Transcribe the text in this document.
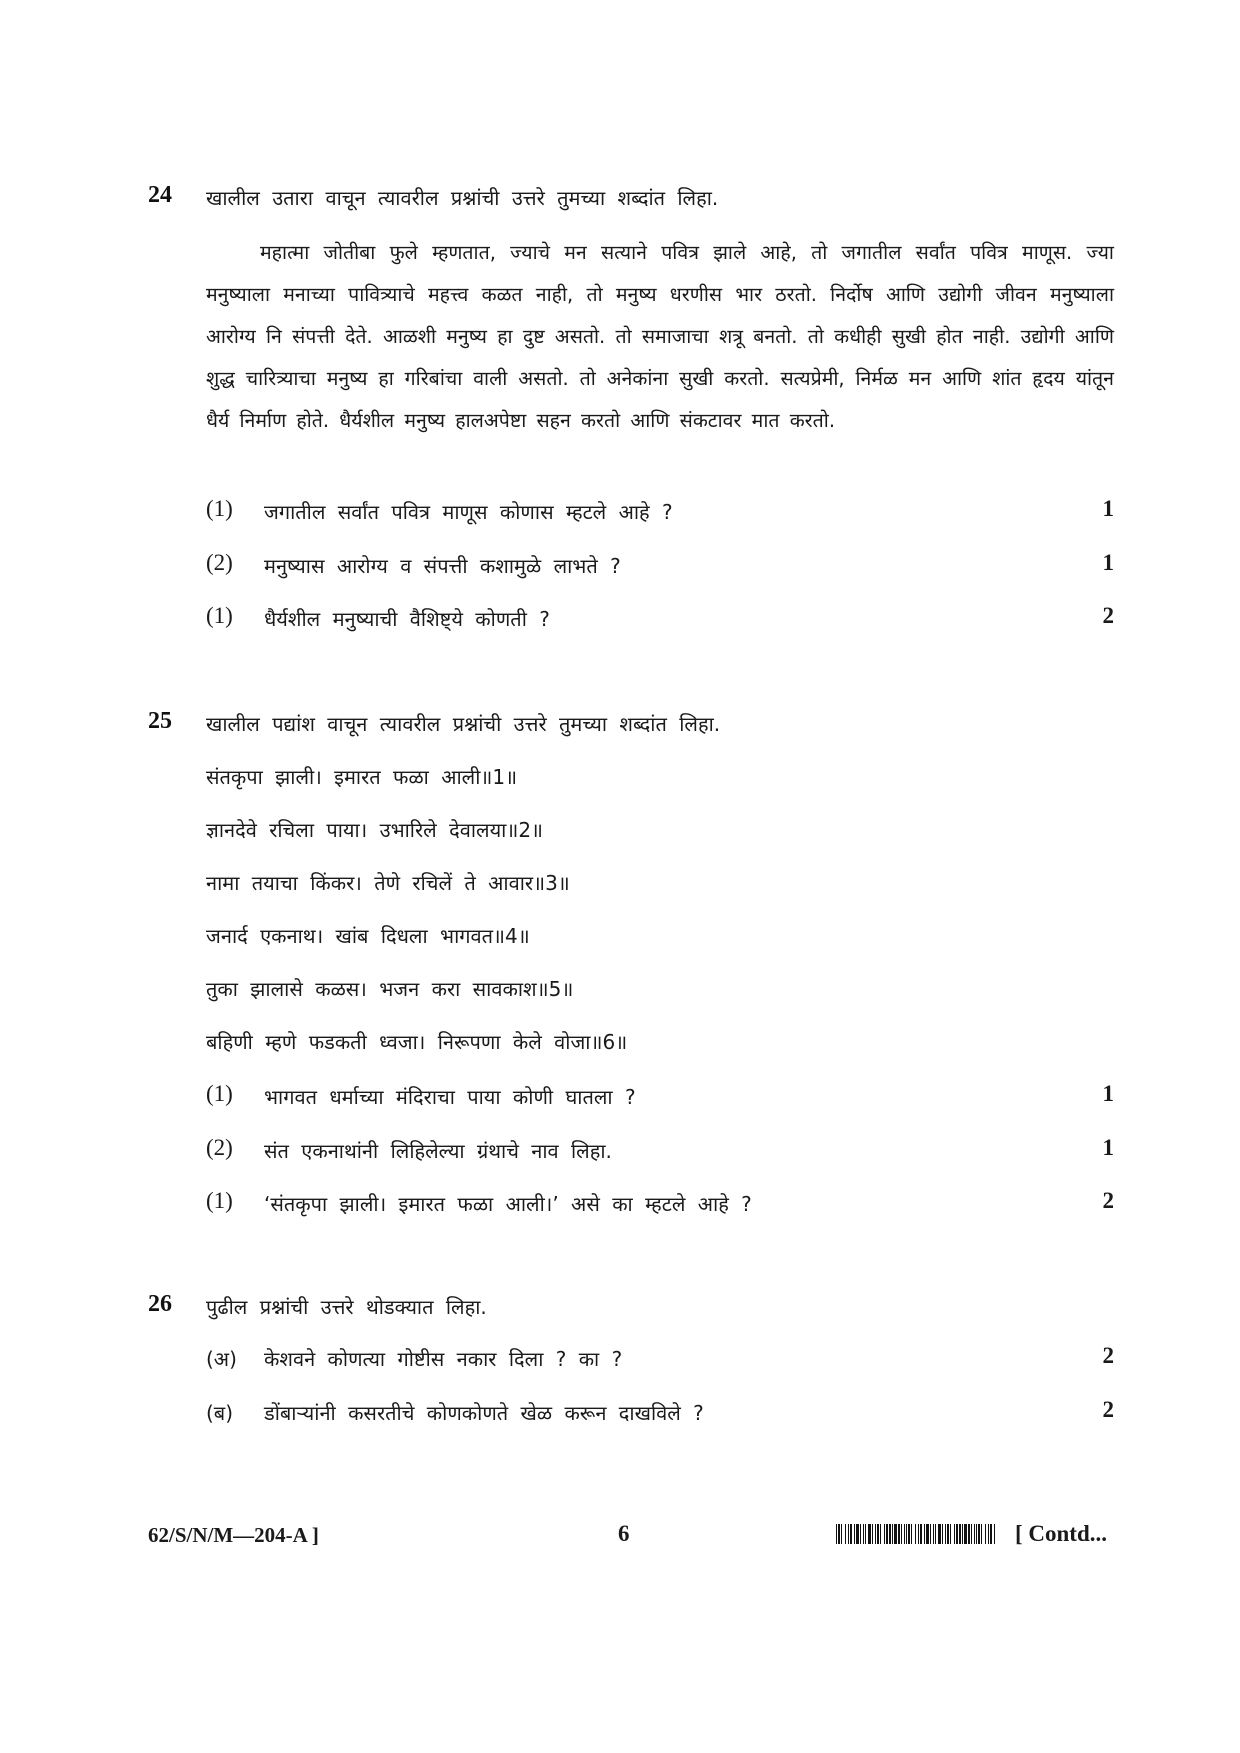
24 खालील उतारा वाचून त्यावरील प्रश्नांची उत्तरे तुमच्या शब्दांत लिहा.
महात्मा जोतीबा फुले म्हणतात, ज्याचे मन सत्याने पवित्र झाले आहे, तो जगातील सर्वांत पवित्र माणूस. ज्या मनुष्याला मनाच्या पावित्र्याचे महत्त्व कळत नाही, तो मनुष्य धरणीस भार ठरतो. निर्दोष आणि उद्योगी जीवन मनुष्याला आरोग्य नि संपत्ती देते. आळशी मनुष्य हा दुष्ट असतो. तो समाजाचा शत्रू बनतो. तो कधीही सुखी होत नाही. उद्योगी आणि शुद्ध चारित्र्याचा मनुष्य हा गरिबांचा वाली असतो. तो अनेकांना सुखी करतो. सत्यप्रेमी, निर्मळ मन आणि शांत हृदय यांतून धैर्य निर्माण होते. धैर्यशील मनुष्य हालअपेष्टा सहन करतो आणि संकटावर मात करतो.
(1) जगातील सर्वांत पवित्र माणूस कोणास म्हटले आहे ?	1
(2) मनुष्यास आरोग्य व संपत्ती कशामुळे लाभते ?	1
(1) धैर्यशील मनुष्याची वैशिष्ट्ये कोणती ?	2
25 खालील पद्यांश वाचून त्यावरील प्रश्नांची उत्तरे तुमच्या शब्दांत लिहा.
संतकृपा झाली। इमारत फळा आली॥1॥
ज्ञानदेवे रचिला पाया। उभारिले देवालया॥2॥
नामा तयाचा किंकर। तेणे रचिलें ते आवार॥3॥
जनार्द एकनाथ। खांब दिधला भागवत॥4॥
तुका झालासे कळस। भजन करा सावकाश॥5॥
बहिणी म्हणे फडकती ध्वजा। निरूपणा केले वोजा॥6॥
(1) भागवत धर्माच्या मंदिराचा पाया कोणी घातला ?	1
(2) संत एकनाथांनी लिहिलेल्या ग्रंथाचे नाव लिहा.	1
(1) ‘संतकृपा झाली। इमारत फळा आली।’ असे का म्हटले आहे ?	2
26 पुढील प्रश्नांची उत्तरे थोडक्यात लिहा.
(अ) केशवने कोणत्या गोष्टीस नकार दिला ? का ?	2
(ब) डोंबाऱ्यांनी कसरतीचे कोणकोणते खेळ करून दाखविले ?	2
62/S/N/M—204-A ]	6	[ Contd...
